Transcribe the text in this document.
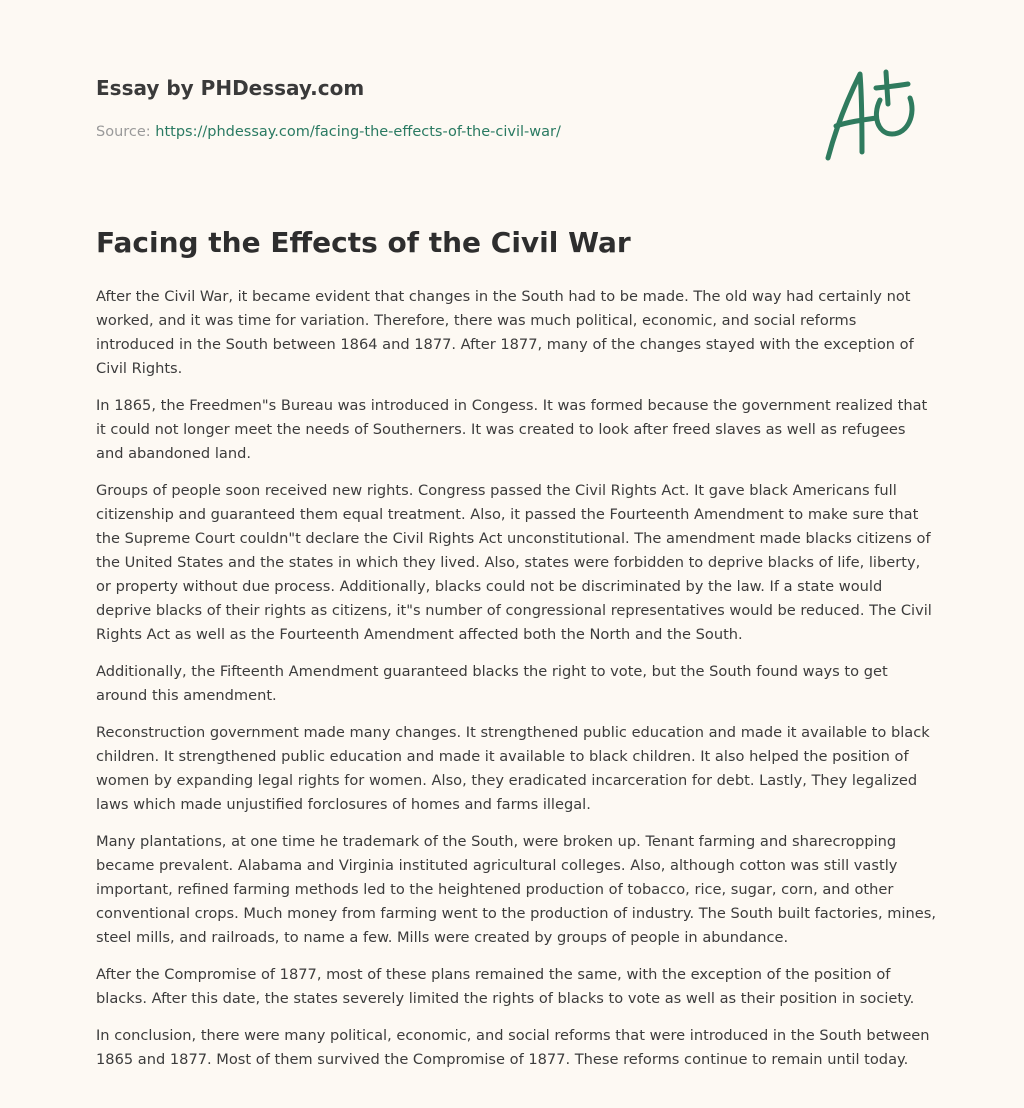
Essay by PHDessay.com
Source: https://phdessay.com/facing-the-effects-of-the-civil-war/
Facing the Effects of the Civil War

After the Civil War, it became evident that changes in the South had to be made. The old way had certainly not worked, and it was time for variation. Therefore, there was much political, economic, and social reforms introduced in the South between 1864 and 1877. After 1877, many of the changes stayed with the exception of Civil Rights.

In 1865, the Freedmen"s Bureau was introduced in Congess. It was formed because the government realized that it could not longer meet the needs of Southerners. It was created to look after freed slaves as well as refugees and abandoned land.

Groups of people soon received new rights. Congress passed the Civil Rights Act. It gave black Americans full citizenship and guaranteed them equal treatment. Also, it passed the Fourteenth Amendment to make sure that the Supreme Court couldn"t declare the Civil Rights Act unconstitutional. The amendment made blacks citizens of the United States and the states in which they lived. Also, states were forbidden to deprive blacks of life, liberty, or property without due process. Additionally, blacks could not be discriminated by the law. If a state would deprive blacks of their rights as citizens, it"s number of congressional representatives would be reduced. The Civil Rights Act as well as the Fourteenth Amendment affected both the North and the South.

Additionally, the Fifteenth Amendment guaranteed blacks the right to vote, but the South found ways to get around this amendment.

Reconstruction government made many changes. It strengthened public education and made it available to black children. It strengthened public education and made it available to black children. It also helped the position of women by expanding legal rights for women. Also, they eradicated incarceration for debt. Lastly, They legalized laws which made unjustified forclosures of homes and farms illegal.

Many plantations, at one time he trademark of the South, were broken up. Tenant farming and sharecropping became prevalent. Alabama and Virginia instituted agricultural colleges. Also, although cotton was still vastly important, refined farming methods led to the heightened production of tobacco, rice, sugar, corn, and other conventional crops. Much money from farming went to the production of industry. The South built factories, mines, steel mills, and railroads, to name a few. Mills were created by groups of people in abundance.

After the Compromise of 1877, most of these plans remained the same, with the exception of the position of blacks. After this date, the states severely limited the rights of blacks to vote as well as their position in society.

In conclusion, there were many political, economic, and social reforms that were introduced in the South between 1865 and 1877. Most of them survived the Compromise of 1877. These reforms continue to remain until today.
